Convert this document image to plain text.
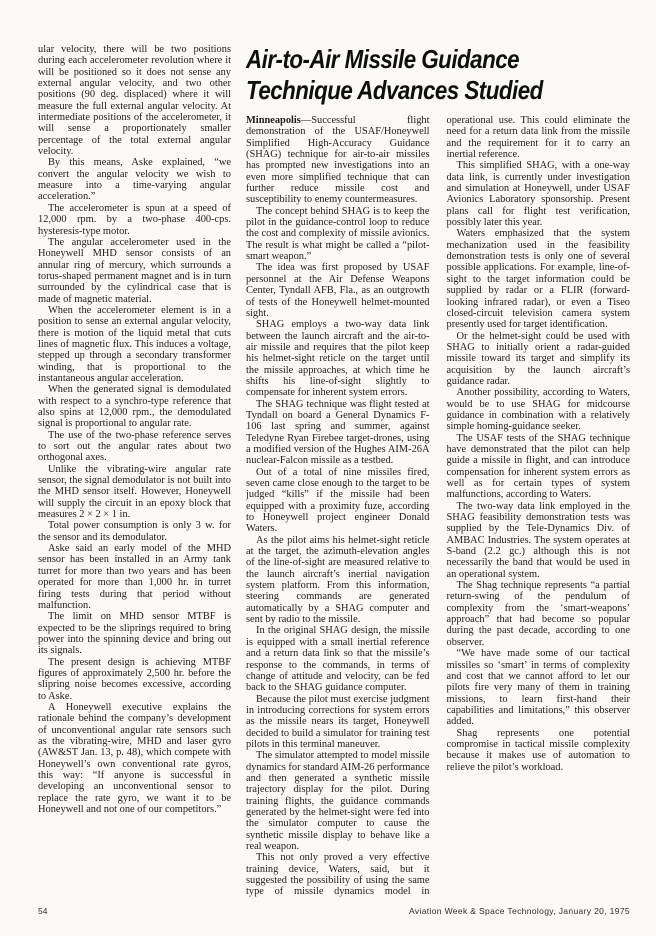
ular velocity, there will be two positions during each accelerometer revolution where it will be positioned so it does not sense any external angular velocity, and two other positions (90 deg. displaced) where it will measure the full external angular velocity. At intermediate positions of the accelerometer, it will sense a proportionately smaller percentage of the total external angular velocity.

By this means, Aske explained, “we convert the angular velocity we wish to measure into a time-varying angular acceleration.”

The accelerometer is spun at a speed of 12,000 rpm. by a two-phase 400-cps. hysteresis-type motor.

The angular accelerometer used in the Honeywell MHD sensor consists of an annular ring of mercury, which surrounds a torus-shaped permanent magnet and is in turn surrounded by the cylindrical case that is made of magnetic material.

When the accelerometer element is in a position to sense an external angular velocity, there is motion of the liquid metal that cuts lines of magnetic flux. This induces a voltage, stepped up through a secondary transformer winding, that is proportional to the instantaneous angular acceleration.

When the generated signal is demodulated with respect to a synchro-type reference that also spins at 12,000 rpm., the demodulated signal is proportional to angular rate.

The use of the two-phase reference serves to sort out the angular rates about two orthogonal axes.

Unlike the vibrating-wire angular rate sensor, the signal demodulator is not built into the MHD sensor itself. However, Honeywell will supply the circuit in an epoxy block that measures 2 × 2 × 1 in.

Total power consumption is only 3 w. for the sensor and its demodulator.

Aske said an early model of the MHD sensor has been installed in an Army tank turret for more than two years and has been operated for more than 1,000 hr. in turret firing tests during that period without malfunction.

The limit on MHD sensor MTBF is expected to be the sliprings required to bring power into the spinning device and bring out its signals.

The present design is achieving MTBF figures of approximately 2,500 hr. before the slipring noise becomes excessive, according to Aske.

A Honeywell executive explains the rationale behind the company’s development of unconventional angular rate sensors such as the vibrating-wire, MHD and laser gyro (AW&ST Jan. 13, p. 48), which compete with Honeywell’s own conventional rate gyros, this way: “If anyone is successful in developing an unconventional sensor to replace the rate gyro, we want it to be Honeywell and not one of our competitors.”

Air-to-Air Missile Guidance
Technique Advances Studied

Minneapolis—Successful flight demonstration of the USAF/Honeywell Simplified High-Accuracy Guidance (SHAG) technique for air-to-air missiles has prompted new investigations into an even more simplified technique that can further reduce missile cost and susceptibility to enemy countermeasures.

The concept behind SHAG is to keep the pilot in the guidance-control loop to reduce the cost and complexity of missile avionics. The result is what might be called a “pilot-smart weapon.”

The idea was first proposed by USAF personnel at the Air Defense Weapons Center, Tyndall AFB, Fla., as an outgrowth of tests of the Honeywell helmet-mounted sight.

SHAG employs a two-way data link between the launch aircraft and the air-to-air missile and requires that the pilot keep his helmet-sight reticle on the target until the missile approaches, at which time he shifts his line-of-sight slightly to compensate for inherent system errors.

The SHAG technique was flight tested at Tyndall on board a General Dynamics F-106 last spring and summer, against Teledyne Ryan Firebee target-drones, using a modified version of the Hughes AIM-26A nuclear-Falcon missile as a testbed.

Out of a total of nine missiles fired, seven came close enough to the target to be judged “kills” if the missile had been equipped with a proximity fuze, according to Honeywell project engineer Donald Waters.

As the pilot aims his helmet-sight reticle at the target, the azimuth-elevation angles of the line-of-sight are measured relative to the launch aircraft’s inertial navigation system platform. From this information, steering commands are generated automatically by a SHAG computer and sent by radio to the missile.

In the original SHAG design, the missile is equipped with a small inertial reference and a return data link so that the missile’s response to the commands, in terms of change of attitude and velocity, can be fed back to the SHAG guidance computer.

Because the pilot must exercise judgment in introducing corrections for system errors as the missile nears its target, Honeywell decided to build a simulator for training test pilots in this terminal maneuver.

The simulator attempted to model missile dynamics for standard AIM-26 performance and then generated a synthetic missile trajectory display for the pilot. During training flights, the guidance commands generated by the helmet-sight were fed into the simulator computer to cause the synthetic missile display to behave like a real weapon.

This not only proved a very effective training device, Waters, said, but it suggested the possibility of using the same type of missile dynamics model in operational use. This could eliminate the need for a return data link from the missile and the requirement for it to carry an inertial reference.

This simplified SHAG, with a one-way data link, is currently under investigation and simulation at Honeywell, under USAF Avionics Laboratory sponsorship. Present plans call for flight test verification, possibly later this year.

Waters emphasized that the system mechanization used in the feasibility demonstration tests is only one of several possible applications. For example, line-of-sight to the target information could be supplied by radar or a FLIR (forward-looking infrared radar), or even a Tiseo closed-circuit television camera system presently used for target identification.

Or the helmet-sight could be used with SHAG to initially orient a radar-guided missile toward its target and simplify its acquisition by the launch aircraft’s guidance radar.

Another possibility, according to Waters, would be to use SHAG for midcourse guidance in combination with a relatively simple homing-guidance seeker.

The USAF tests of the SHAG technique have demonstrated that the pilot can help guide a missile in flight, and can introduce compensation for inherent system errors as well as for certain types of system malfunctions, according to Waters.

The two-way data link employed in the SHAG feasibility demonstration tests was supplied by the Tele-Dynamics Div. of AMBAC Industries. The system operates at S-band (2.2 gc.) although this is not necessarily the band that would be used in an operational system.

The Shag technique represents “a partial return-swing of the pendulum of complexity from the ‘smart-weapons’ approach” that had become so popular during the past decade, according to one observer.

“We have made some of our tactical missiles so ‘smart’ in terms of complexity and cost that we cannot afford to let our pilots fire very many of them in training missions, to learn first-hand their capabilities and limitations,” this observer added.

Shag represents one potential compromise in tactical missile complexity because it makes use of automation to relieve the pilot’s workload.

54	Aviation Week & Space Technology, January 20, 1975
